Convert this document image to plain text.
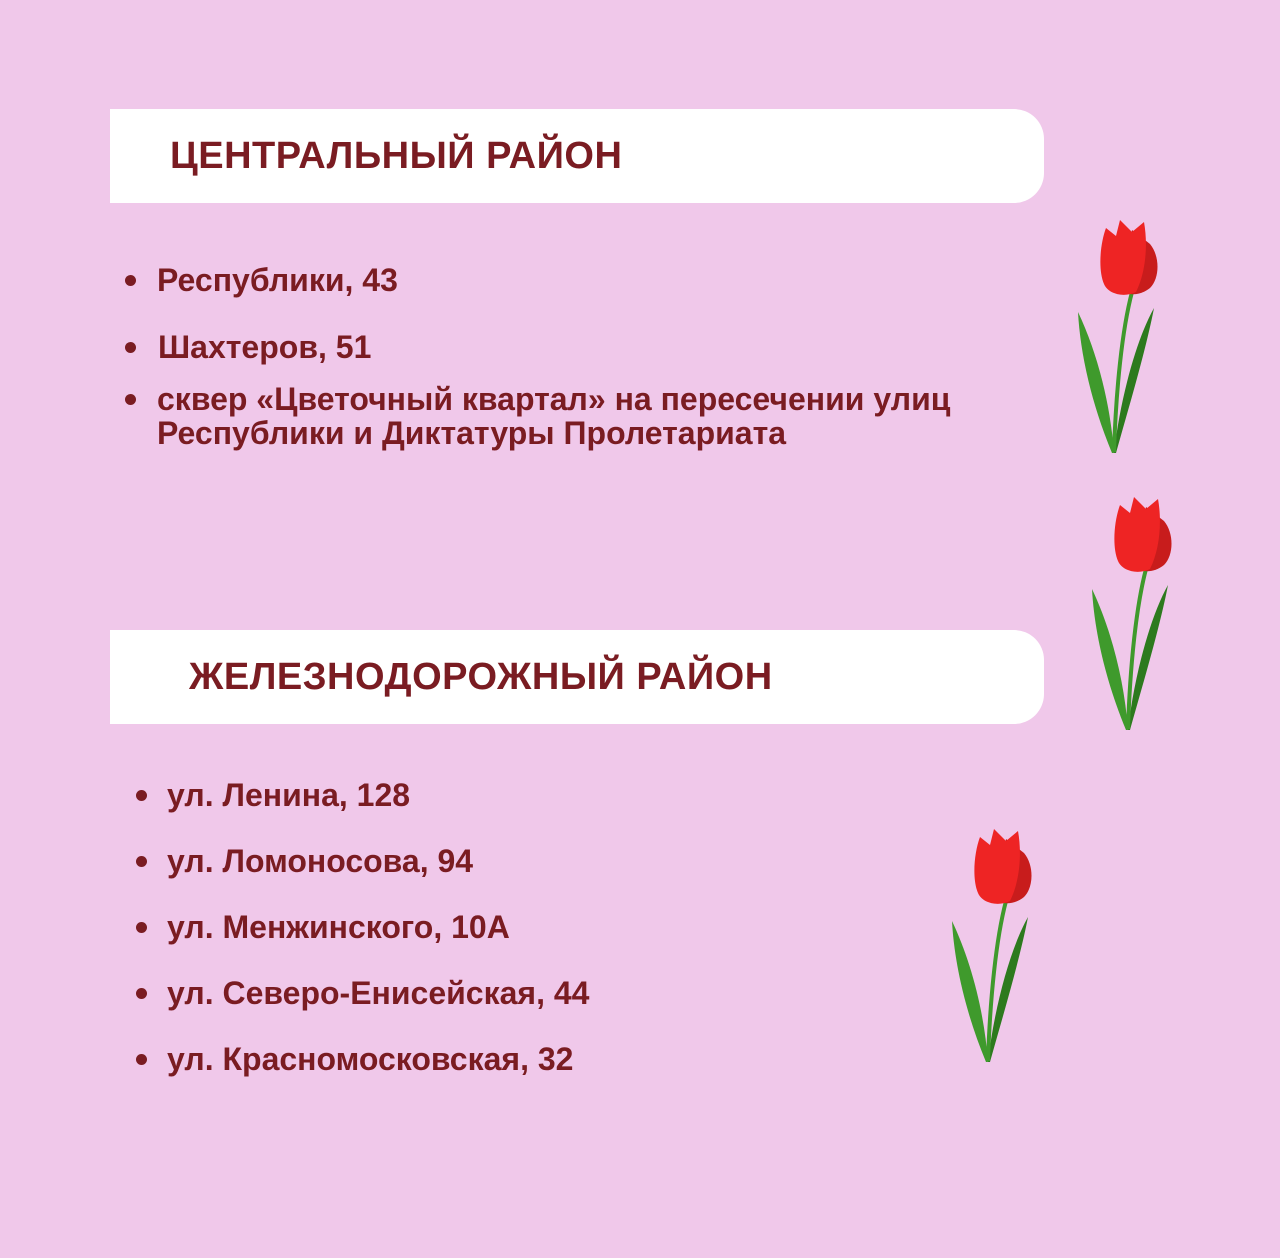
ЦЕНТРАЛЬНЫЙ РАЙОН
Республики, 43
Шахтеров, 51
сквер «Цветочный квартал» на пересечении улиц
Республики и Диктатуры Пролетариата
ЖЕЛЕЗНОДОРОЖНЫЙ РАЙОН
ул. Ленина, 128
ул. Ломоносова, 94
ул. Менжинского, 10А
ул. Северо-Енисейская, 44
ул. Красномосковская, 32
